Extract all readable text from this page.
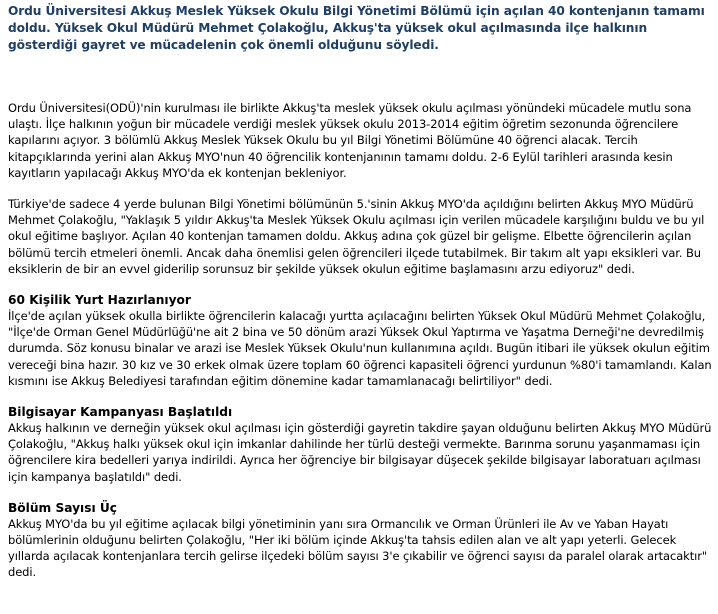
Ordu Üniversitesi Akkuş Meslek Yüksek Okulu Bilgi Yönetimi Bölümü için açılan 40 kontenjanın tamamı doldu. Yüksek Okul Müdürü Mehmet Çolakoğlu, Akkuş'ta yüksek okul açılmasında ilçe halkının gösterdiği gayret ve mücadelenin çok önemli olduğunu söyledi.

Ordu Üniversitesi(ODÜ)'nin kurulması ile birlikte Akkuş'ta meslek yüksek okulu açılması yönündeki mücadele mutlu sona ulaştı. İlçe halkının yoğun bir mücadele verdiği meslek yüksek okulu 2013-2014 eğitim öğretim sezonunda öğrencilere kapılarını açıyor. 3 bölümlü Akkuş Meslek Yüksek Okulu bu yıl Bilgi Yönetimi Bölümüne 40 öğrenci alacak. Tercih kitapçıklarında yerini alan Akkuş MYO'nun 40 öğrencilik kontenjanının tamamı doldu. 2-6 Eylül tarihleri arasında kesin kayıtların yapılacağı Akkuş MYO'da ek kontenjan bekleniyor.

Türkiye'de sadece 4 yerde bulunan Bilgi Yönetimi bölümünün 5.'sinin Akkuş MYO'da açıldığını belirten Akkuş MYO Müdürü Mehmet Çolakoğlu, "Yaklaşık 5 yıldır Akkuş'ta Meslek Yüksek Okulu açılması için verilen mücadele karşılığını buldu ve bu yıl okul eğitime başlıyor. Açılan 40 kontenjan tamamen doldu. Akkuş adına çok güzel bir gelişme. Elbette öğrencilerin açılan bölümü tercih etmeleri önemli. Ancak daha önemlisi gelen öğrencileri ilçede tutabilmek. Bir takım alt yapı eksikleri var. Bu eksiklerin de bir an evvel giderilip sorunsuz bir şekilde yüksek okulun eğitime başlamasını arzu ediyoruz" dedi.

60 Kişilik Yurt Hazırlanıyor

İlçe'de açılan yüksek okulla birlikte öğrencilerin kalacağı yurtta açılacağını belirten Yüksek Okul Müdürü Mehmet Çolakoğlu, "İlçe'de Orman Genel Müdürlüğü'ne ait 2 bina ve 50 dönüm arazi Yüksek Okul Yaptırma ve Yaşatma Derneği'ne devredilmiş durumda. Söz konusu binalar ve arazi ise Meslek Yüksek Okulu'nun kullanımına açıldı. Bugün itibari ile yüksek okulun eğitim vereceği bina hazır. 30 kız ve 30 erkek olmak üzere toplam 60 öğrenci kapasiteli öğrenci yurdunun %80'i tamamlandı. Kalan kısmını ise Akkuş Belediyesi tarafından eğitim dönemine kadar tamamlanacağı belirtiliyor" dedi.

Bilgisayar Kampanyası Başlatıldı

Akkuş halkının ve derneğin yüksek okul açılması için gösterdiği gayretin takdire şayan olduğunu belirten Akkuş MYO Müdürü Çolakoğlu, "Akkuş halkı yüksek okul için imkanlar dahilinde her türlü desteği vermekte. Barınma sorunu yaşanmaması için öğrencilere kira bedelleri yarıya indirildi. Ayrıca her öğrenciye bir bilgisayar düşecek şekilde bilgisayar laboratuarı açılması için kampanya başlatıldı" dedi.

Bölüm Sayısı Üç

Akkuş MYO'da bu yıl eğitime açılacak bilgi yönetiminin yanı sıra Ormancılık ve Orman Ürünleri ile Av ve Yaban Hayatı bölümlerinin olduğunu belirten Çolakoğlu, "Her iki bölüm içinde Akkuş'ta tahsis edilen alan ve alt yapı yeterli. Gelecek yıllarda açılacak kontenjanlara tercih gelirse ilçedeki bölüm sayısı 3'e çıkabilir ve öğrenci sayısı da paralel olarak artacaktır" dedi.
